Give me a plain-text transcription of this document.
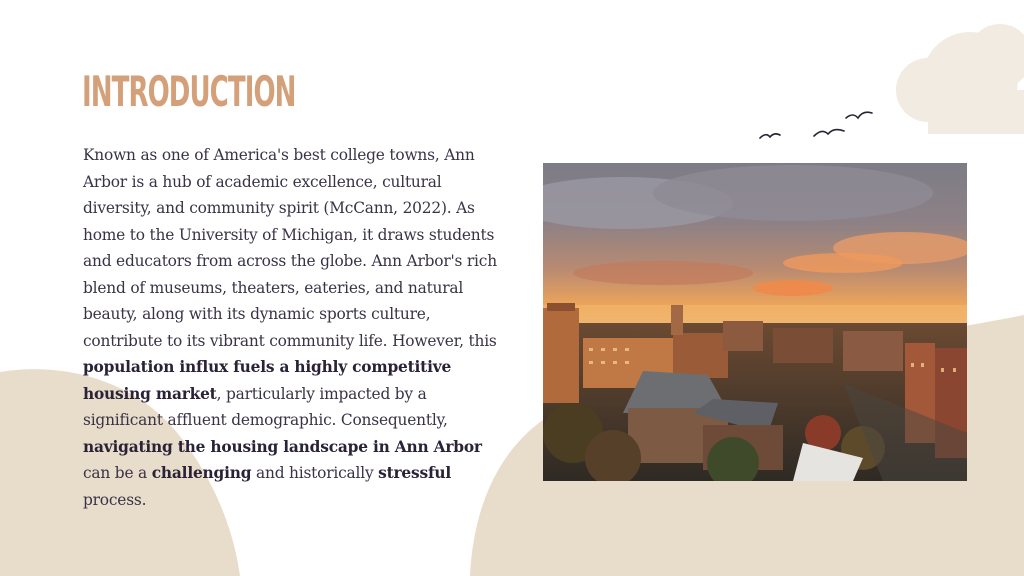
INTRODUCTION

Known as one of America's best college towns, Ann Arbor is a hub of academic excellence, cultural diversity, and community spirit (McCann, 2022). As home to the University of Michigan, it draws students and educators from across the globe. Ann Arbor's rich blend of museums, theaters, eateries, and natural beauty, along with its dynamic sports culture, contribute to its vibrant community life. However, this population influx fuels a highly competitive housing market, particularly impacted by a significant affluent demographic. Consequently, navigating the housing landscape in Ann Arbor can be a challenging and historically stressful process.
